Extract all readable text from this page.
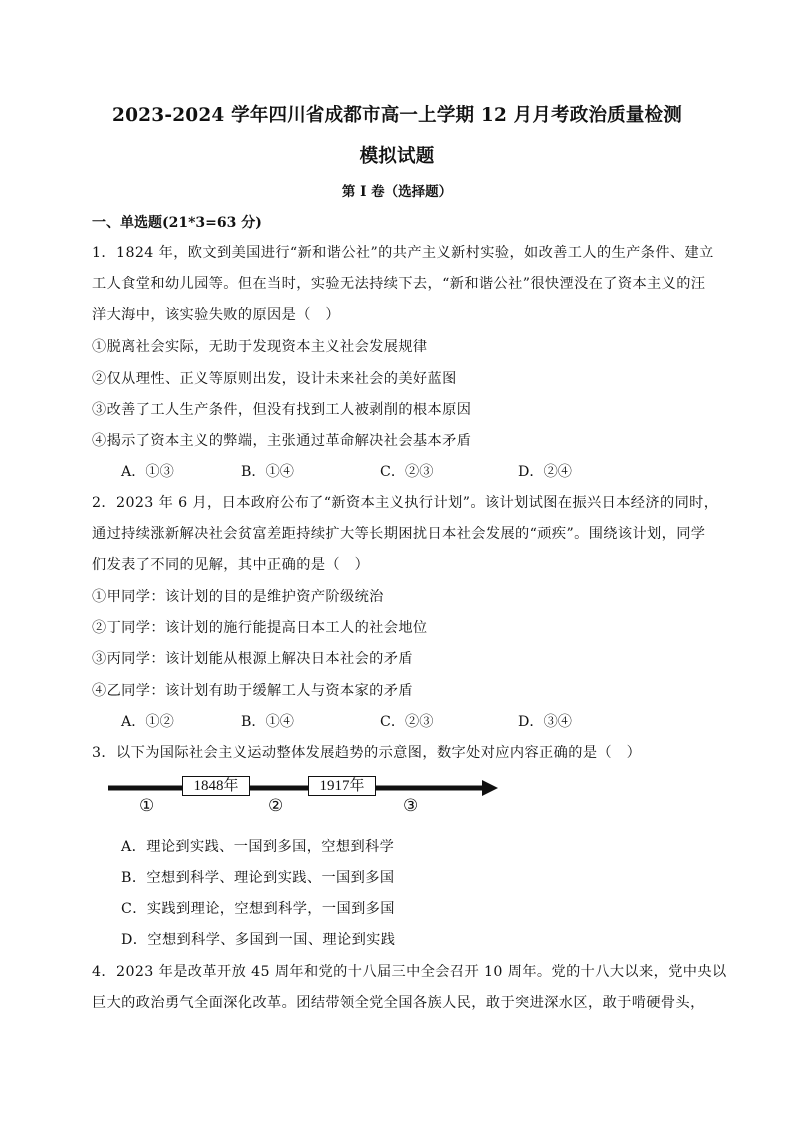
2023-2024 学年四川省成都市高一上学期 12 月月考政治质量检测
模拟试题
第 I 卷（选择题）
一、单选题(21*3=63 分)
1．1824 年，欧文到美国进行“新和谐公社”的共产主义新村实验，如改善工人的生产条件、建立
工人食堂和幼儿园等。但在当时，实验无法持续下去，“新和谐公社”很快湮没在了资本主义的汪
洋大海中，该实验失败的原因是（　）
①脱离社会实际，无助于发现资本主义社会发展规律
②仅从理性、正义等原则出发，设计未来社会的美好蓝图
③改善了工人生产条件，但没有找到工人被剥削的根本原因
④揭示了资本主义的弊端，主张通过革命解决社会基本矛盾
A．①③	B．①④	C．②③	D．②④
2．2023 年 6 月，日本政府公布了“新资本主义执行计划”。该计划试图在振兴日本经济的同时，
通过持续涨新解决社会贫富差距持续扩大等长期困扰日本社会发展的“顽疾”。围绕该计划，同学
们发表了不同的见解，其中正确的是（　）
①甲同学：该计划的目的是维护资产阶级统治
②丁同学：该计划的施行能提高日本工人的社会地位
③丙同学：该计划能从根源上解决日本社会的矛盾
④乙同学：该计划有助于缓解工人与资本家的矛盾
A．①②	B．①④	C．②③	D．③④
3．以下为国际社会主义运动整体发展趋势的示意图，数字处对应内容正确的是（　）
1848年	1917年
①	②	③
A．理论到实践、一国到多国，空想到科学
B．空想到科学、理论到实践、一国到多国
C．实践到理论，空想到科学，一国到多国
D．空想到科学、多国到一国、理论到实践
4．2023 年是改革开放 45 周年和党的十八届三中全会召开 10 周年。党的十八大以来，党中央以
巨大的政治勇气全面深化改革。团结带领全党全国各族人民，敢于突进深水区，敢于啃硬骨头，
